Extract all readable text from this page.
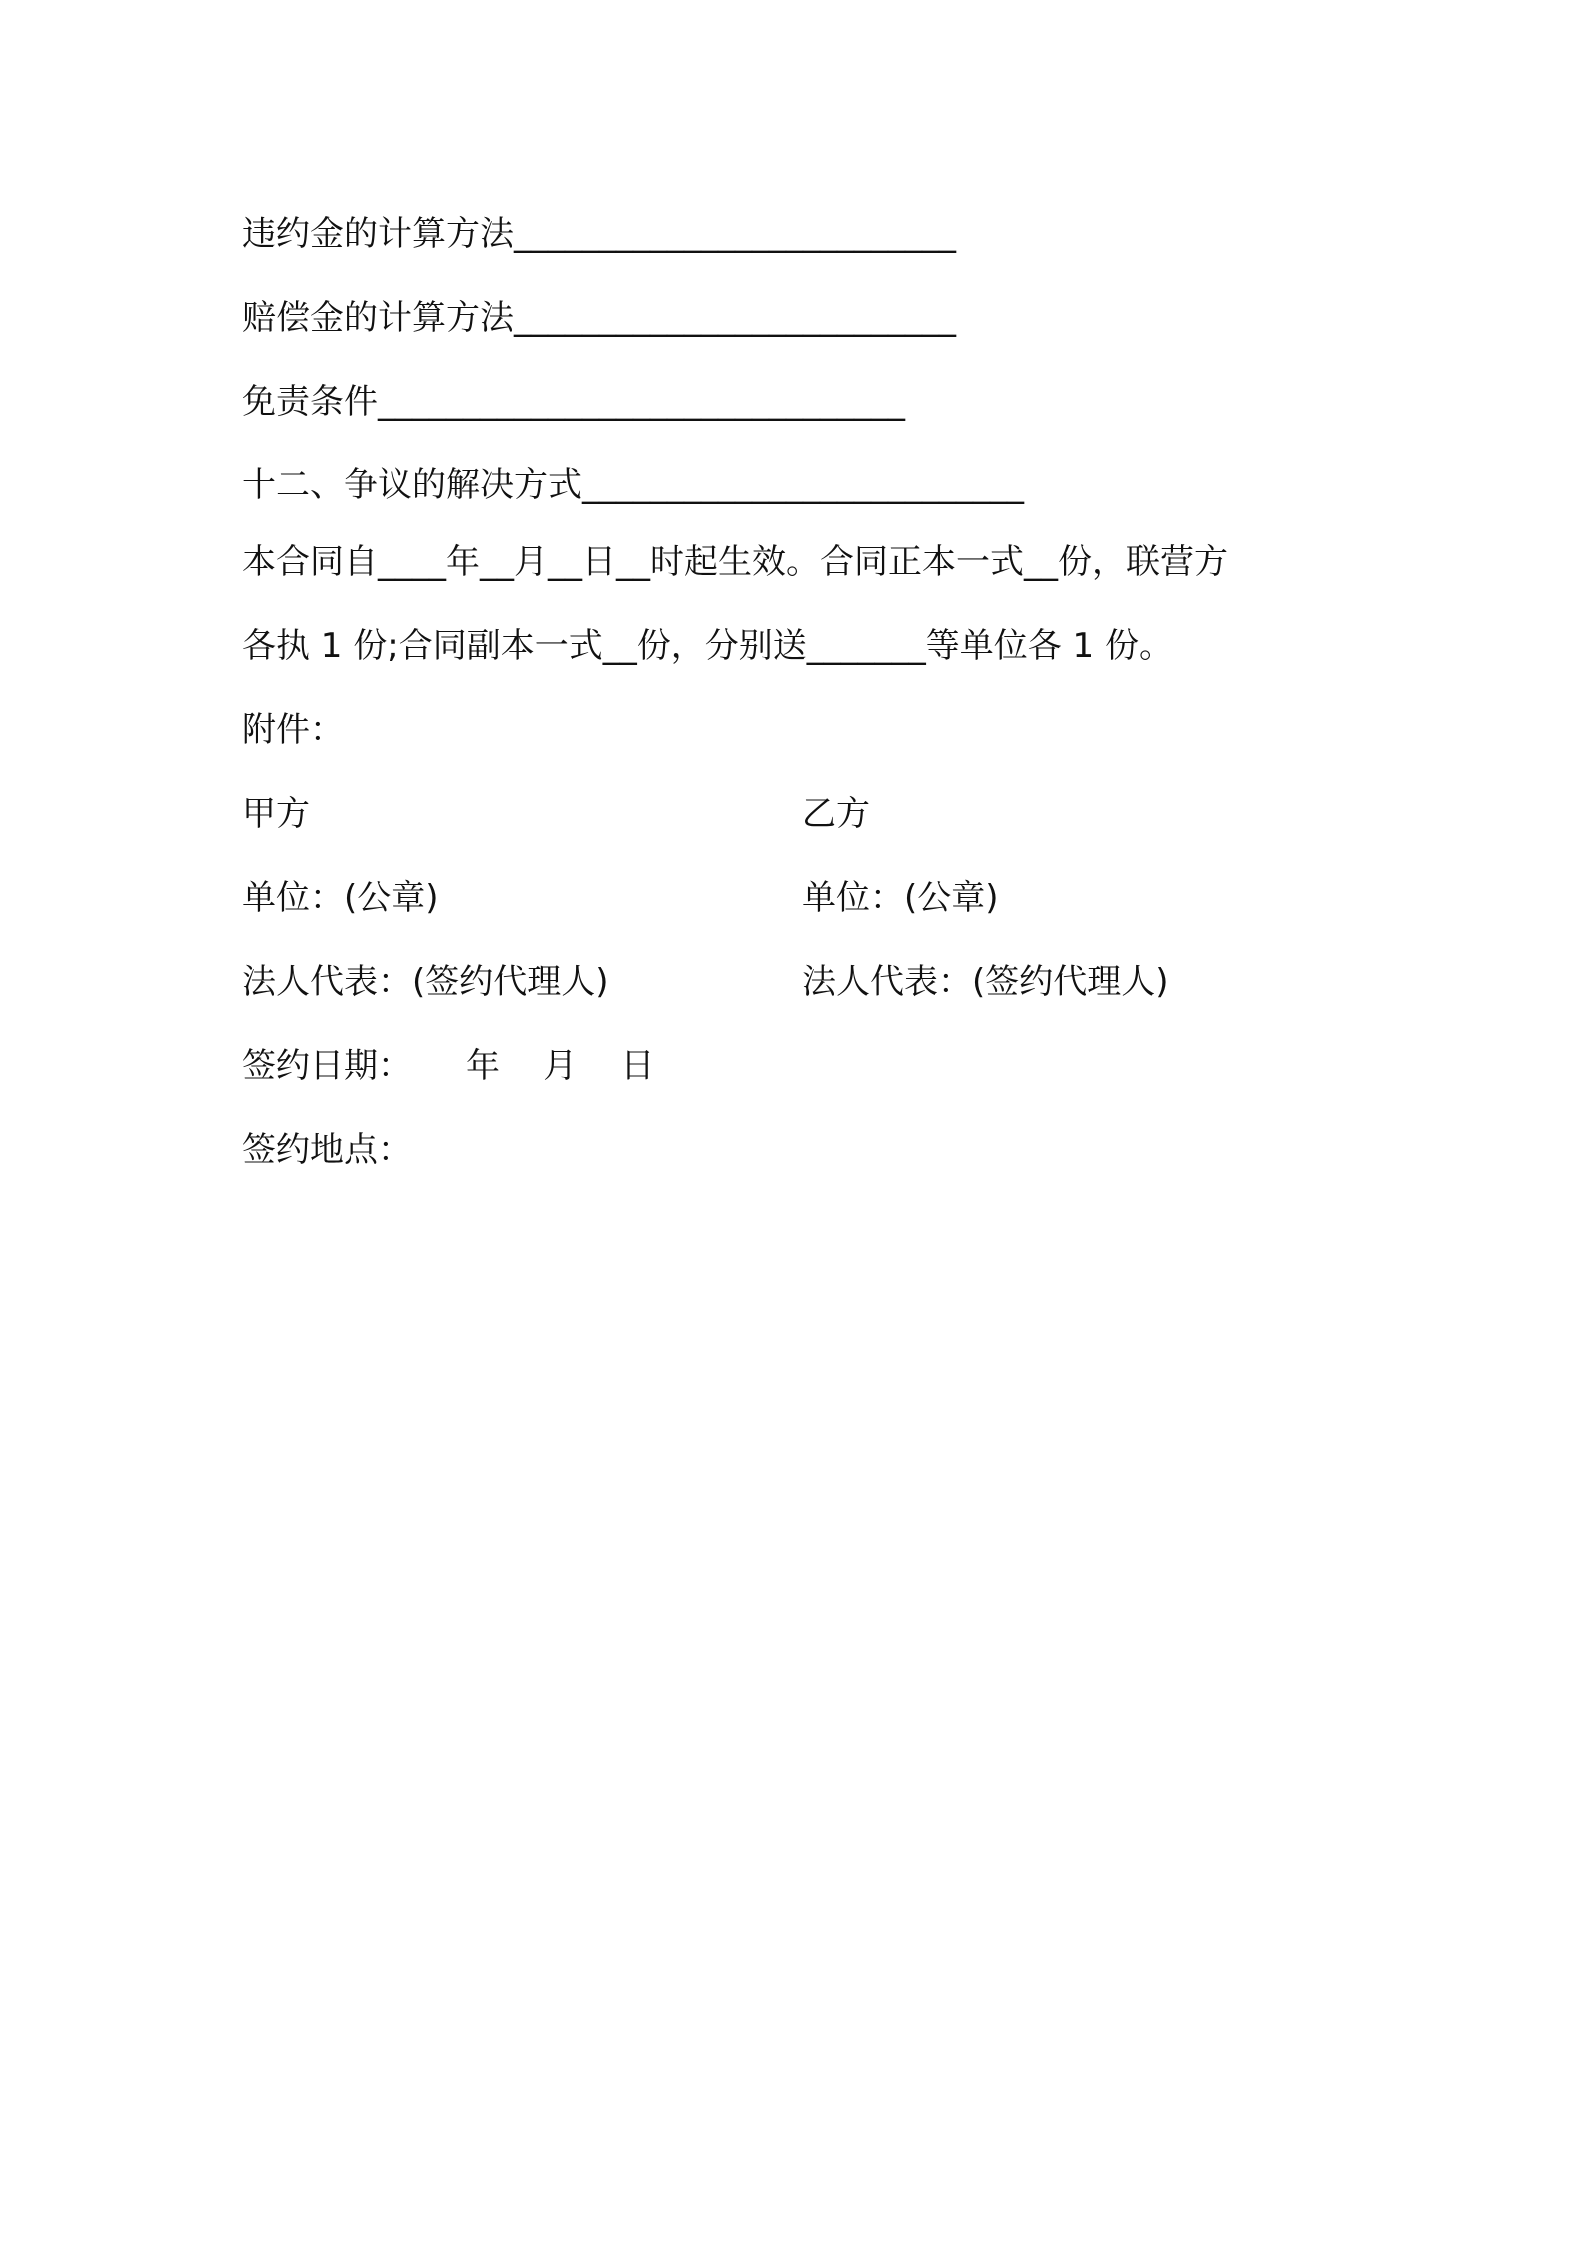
违约金的计算方法__________________________
赔偿金的计算方法__________________________
免责条件_______________________________
十二、争议的解决方式__________________________
本合同自____年__月__日__时起生效。合同正本一式__份，联营方
各执 1 份;合同副本一式__份，分别送_______等单位各 1 份。
附件：
甲方	乙方
单位：(公章)	单位：(公章)
法人代表：(签约代理人)	法人代表：(签约代理人)
签约日期：     年    月    日
签约地点：
